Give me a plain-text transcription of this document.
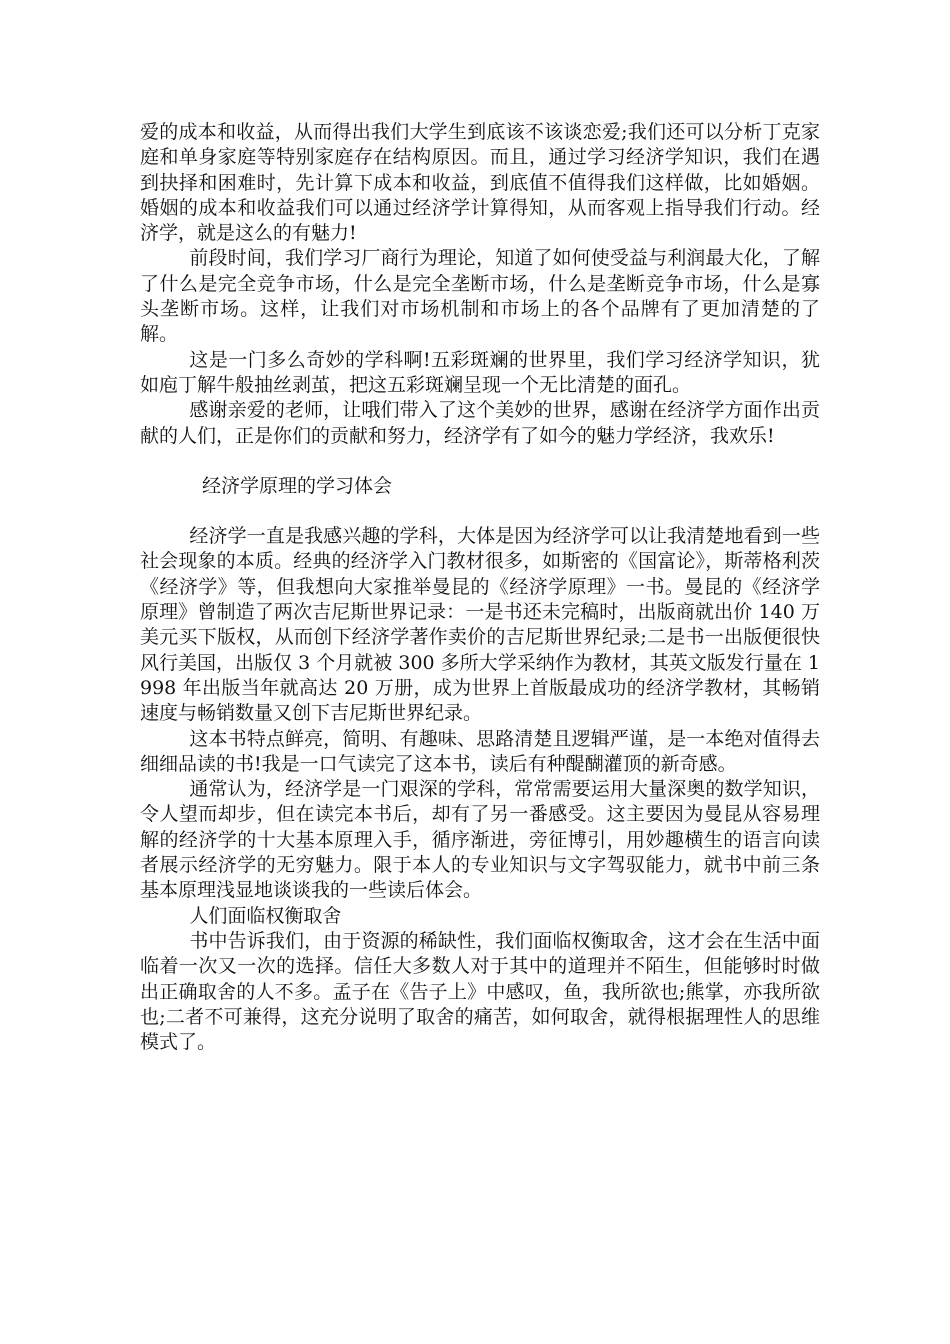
爱的成本和收益，从而得出我们大学生到底该不该谈恋爱;我们还可以分析丁克家庭和单身家庭等特别家庭存在结构原因。而且，通过学习经济学知识，我们在遇到抉择和困难时，先计算下成本和收益，到底值不值得我们这样做，比如婚姻。婚姻的成本和收益我们可以通过经济学计算得知，从而客观上指导我们行动。经济学，就是这么的有魅力!

前段时间，我们学习厂商行为理论，知道了如何使受益与利润最大化，了解了什么是完全竞争市场，什么是完全垄断市场，什么是垄断竞争市场，什么是寡头垄断市场。这样，让我们对市场机制和市场上的各个品牌有了更加清楚的了解。

这是一门多么奇妙的学科啊!五彩斑斓的世界里，我们学习经济学知识，犹如庖丁解牛般抽丝剥茧，把这五彩斑斓呈现一个无比清楚的面孔。

感谢亲爱的老师，让哦们带入了这个美妙的世界，感谢在经济学方面作出贡献的人们，正是你们的贡献和努力，经济学有了如今的魅力学经济，我欢乐!

经济学原理的学习体会

经济学一直是我感兴趣的学科，大体是因为经济学可以让我清楚地看到一些社会现象的本质。经典的经济学入门教材很多，如斯密的《国富论》，斯蒂格利茨《经济学》等，但我想向大家推举曼昆的《经济学原理》一书。曼昆的《经济学原理》曾制造了两次吉尼斯世界记录：一是书还未完稿时，出版商就出价 140 万美元买下版权，从而创下经济学著作卖价的吉尼斯世界纪录;二是书一出版便很快风行美国，出版仅 3 个月就被 300 多所大学采纳作为教材，其英文版发行量在 1998 年出版当年就高达 20 万册，成为世界上首版最成功的经济学教材，其畅销速度与畅销数量又创下吉尼斯世界纪录。

这本书特点鲜亮，简明、有趣味、思路清楚且逻辑严谨，是一本绝对值得去细细品读的书!我是一口气读完了这本书，读后有种醍醐灌顶的新奇感。

通常认为，经济学是一门艰深的学科，常常需要运用大量深奥的数学知识，令人望而却步，但在读完本书后，却有了另一番感受。这主要因为曼昆从容易理解的经济学的十大基本原理入手，循序渐进，旁征博引，用妙趣横生的语言向读者展示经济学的无穷魅力。限于本人的专业知识与文字驾驭能力，就书中前三条基本原理浅显地谈谈我的一些读后体会。

人们面临权衡取舍

书中告诉我们，由于资源的稀缺性，我们面临权衡取舍，这才会在生活中面临着一次又一次的选择。信任大多数人对于其中的道理并不陌生，但能够时时做出正确取舍的人不多。孟子在《告子上》中感叹，鱼，我所欲也;熊掌，亦我所欲也;二者不可兼得，这充分说明了取舍的痛苦，如何取舍，就得根据理性人的思维模式了。
